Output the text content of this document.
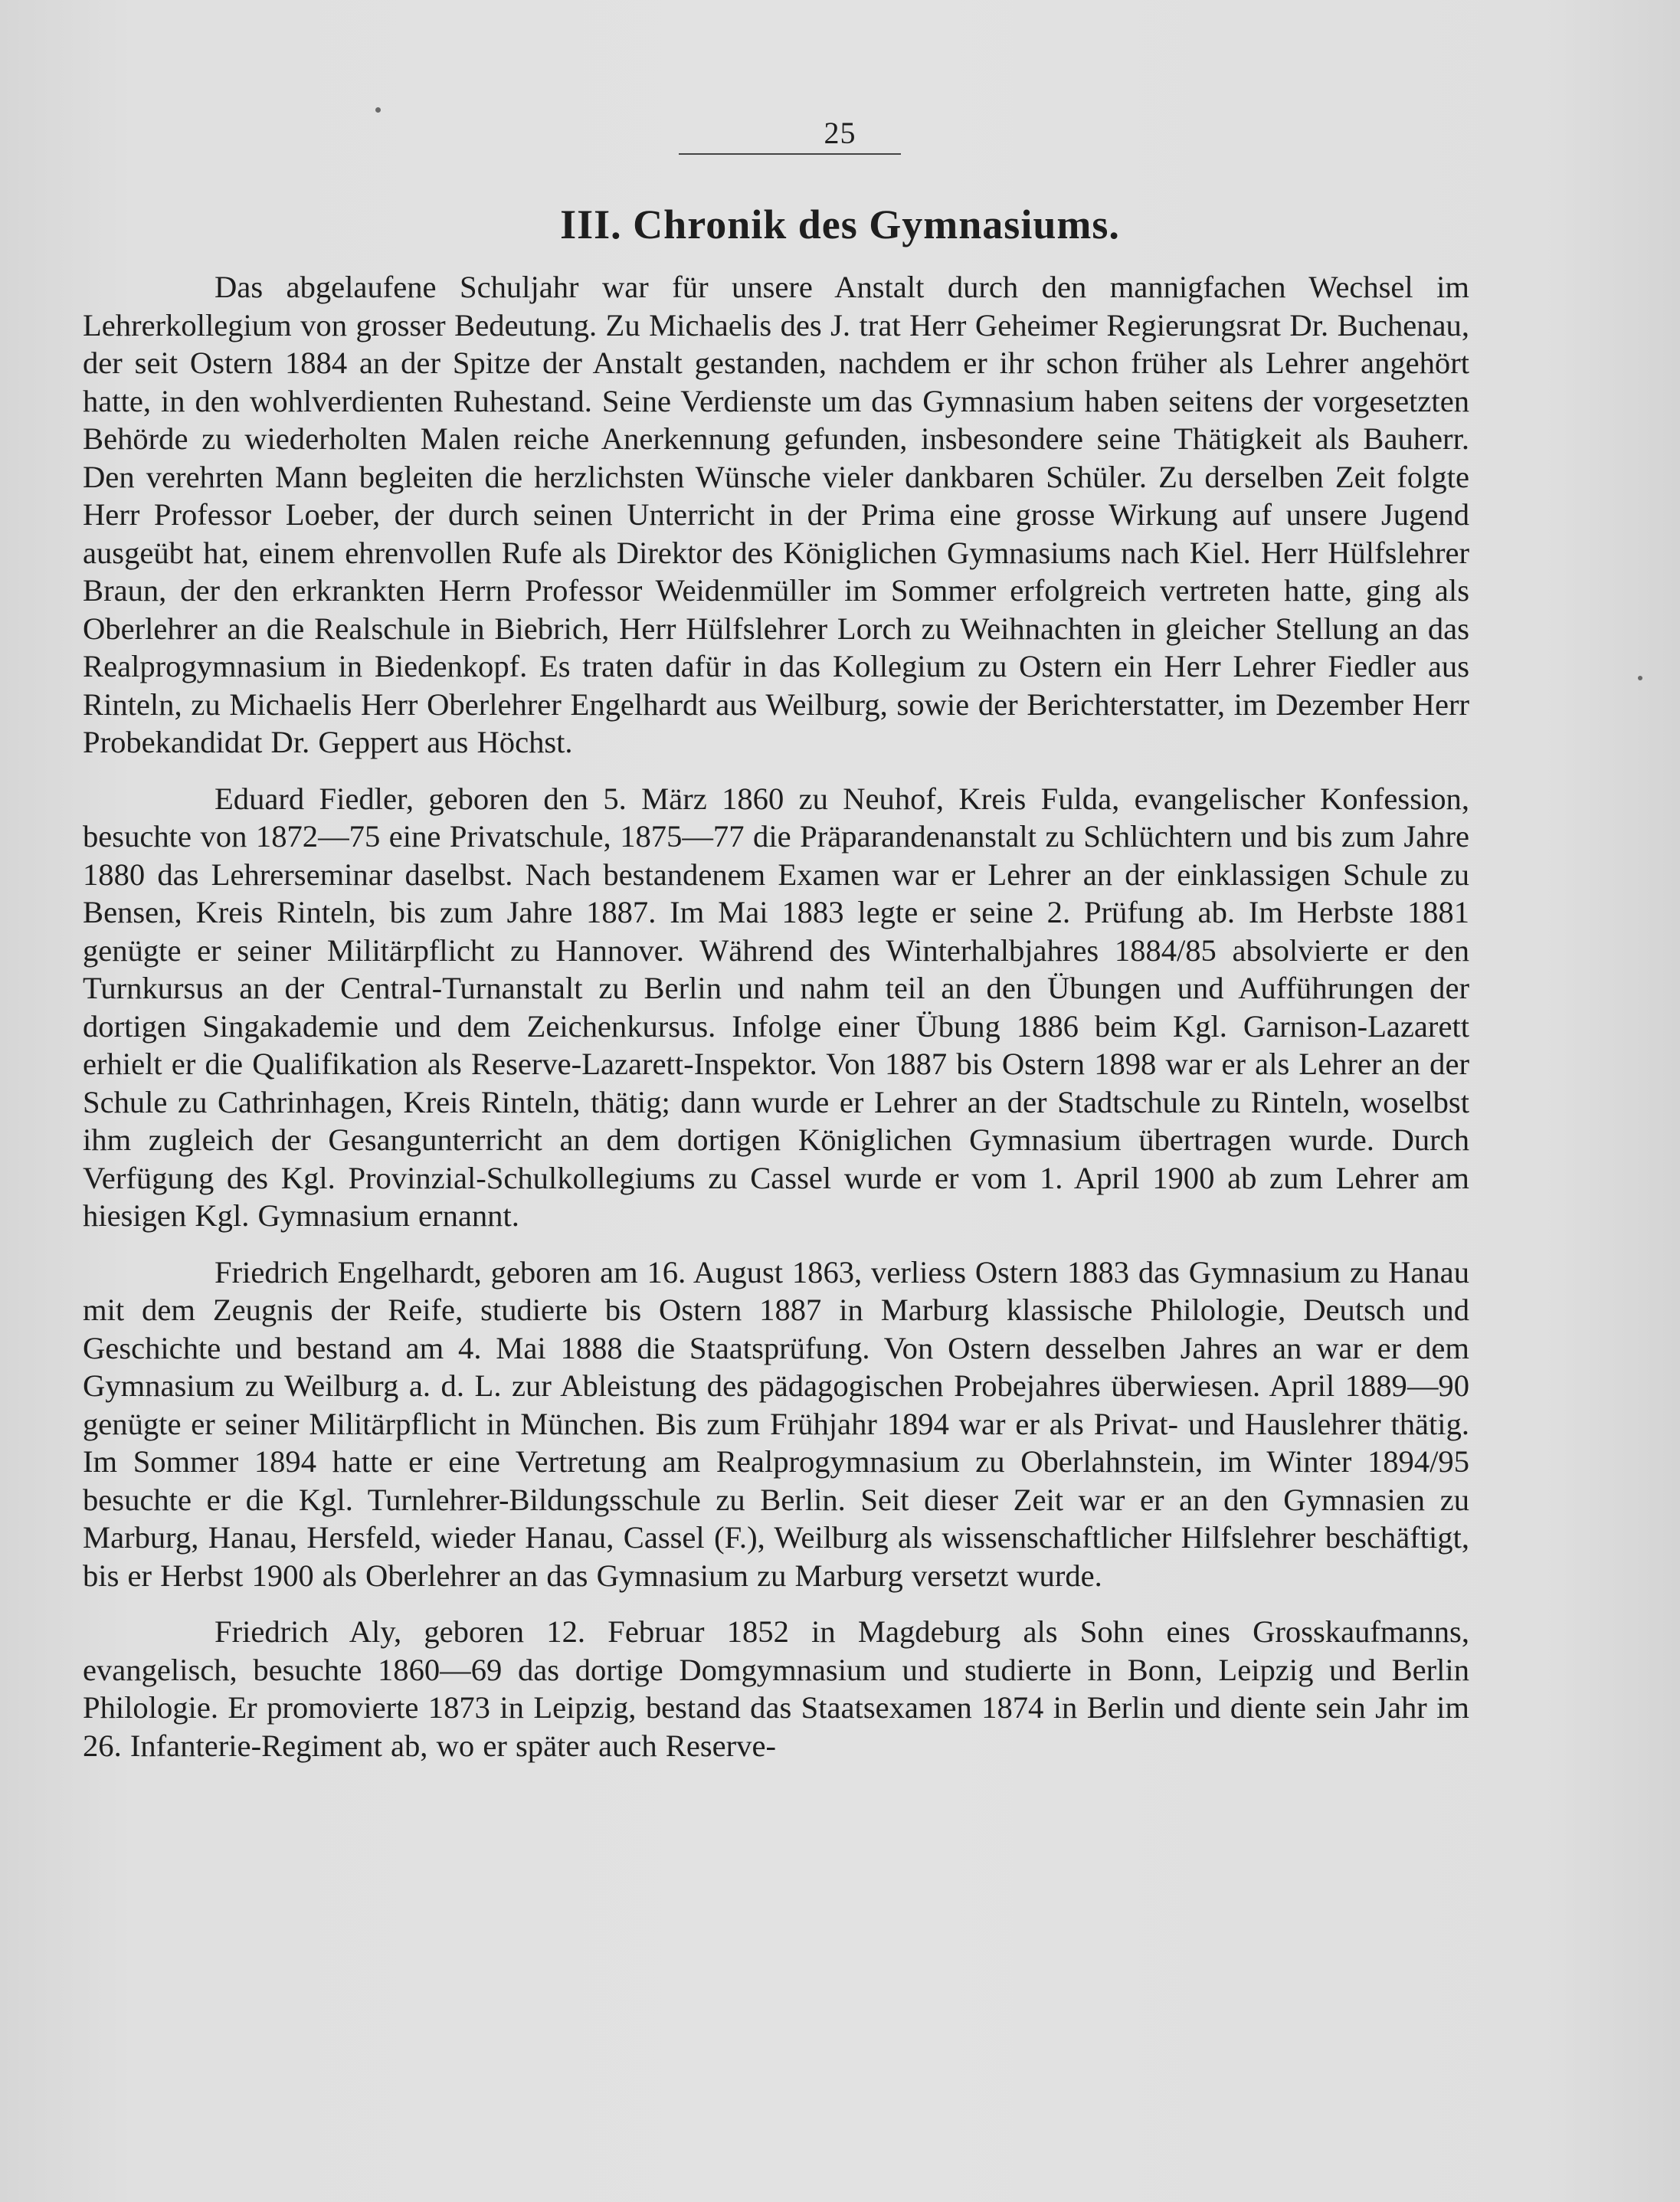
25
III. Chronik des Gymnasiums.

Das abgelaufene Schuljahr war für unsere Anstalt durch den mannigfachen Wechsel im Lehrerkollegium von grosser Bedeutung. Zu Michaelis des J. trat Herr Geheimer Regierungsrat Dr. Buchenau, der seit Ostern 1884 an der Spitze der Anstalt gestanden, nachdem er ihr schon früher als Lehrer angehört hatte, in den wohlverdienten Ruhestand. Seine Verdienste um das Gymnasium haben seitens der vorgesetzten Behörde zu wiederholten Malen reiche Anerkennung gefunden, insbesondere seine Thätigkeit als Bauherr. Den verehrten Mann begleiten die herzlichsten Wünsche vieler dankbaren Schüler. Zu derselben Zeit folgte Herr Professor Loeber, der durch seinen Unterricht in der Prima eine grosse Wirkung auf unsere Jugend ausgeübt hat, einem ehrenvollen Rufe als Direktor des Königlichen Gymnasiums nach Kiel. Herr Hülfslehrer Braun, der den erkrankten Herrn Professor Weidenmüller im Sommer erfolgreich vertreten hatte, ging als Oberlehrer an die Realschule in Biebrich, Herr Hülfslehrer Lorch zu Weihnachten in gleicher Stellung an das Realprogymnasium in Biedenkopf. Es traten dafür in das Kollegium zu Ostern ein Herr Lehrer Fiedler aus Rinteln, zu Michaelis Herr Oberlehrer Engelhardt aus Weilburg, sowie der Berichterstatter, im Dezember Herr Probekandidat Dr. Geppert aus Höchst.

Eduard Fiedler, geboren den 5. März 1860 zu Neuhof, Kreis Fulda, evangelischer Konfession, besuchte von 1872—75 eine Privatschule, 1875—77 die Präparandenanstalt zu Schlüchtern und bis zum Jahre 1880 das Lehrerseminar daselbst. Nach bestandenem Examen war er Lehrer an der einklassigen Schule zu Bensen, Kreis Rinteln, bis zum Jahre 1887. Im Mai 1883 legte er seine 2. Prüfung ab. Im Herbste 1881 genügte er seiner Militärpflicht zu Hannover. Während des Winterhalbjahres 1884/85 absolvierte er den Turnkursus an der Central-Turnanstalt zu Berlin und nahm teil an den Übungen und Aufführungen der dortigen Singakademie und dem Zeichenkursus. Infolge einer Übung 1886 beim Kgl. Garnison-Lazarett erhielt er die Qualifikation als Reserve-Lazarett-Inspektor. Von 1887 bis Ostern 1898 war er als Lehrer an der Schule zu Cathrinhagen, Kreis Rinteln, thätig; dann wurde er Lehrer an der Stadtschule zu Rinteln, woselbst ihm zugleich der Gesangunterricht an dem dortigen Königlichen Gymnasium übertragen wurde. Durch Verfügung des Kgl. Provinzial-Schulkollegiums zu Cassel wurde er vom 1. April 1900 ab zum Lehrer am hiesigen Kgl. Gymnasium ernannt.

Friedrich Engelhardt, geboren am 16. August 1863, verliess Ostern 1883 das Gymnasium zu Hanau mit dem Zeugnis der Reife, studierte bis Ostern 1887 in Marburg klassische Philologie, Deutsch und Geschichte und bestand am 4. Mai 1888 die Staatsprüfung. Von Ostern desselben Jahres an war er dem Gymnasium zu Weilburg a. d. L. zur Ableistung des pädagogischen Probejahres überwiesen. April 1889—90 genügte er seiner Militärpflicht in München. Bis zum Frühjahr 1894 war er als Privat- und Hauslehrer thätig. Im Sommer 1894 hatte er eine Vertretung am Realprogymnasium zu Oberlahnstein, im Winter 1894/95 besuchte er die Kgl. Turnlehrer-Bildungsschule zu Berlin. Seit dieser Zeit war er an den Gymnasien zu Marburg, Hanau, Hersfeld, wieder Hanau, Cassel (F.), Weilburg als wissenschaftlicher Hilfslehrer beschäftigt, bis er Herbst 1900 als Oberlehrer an das Gymnasium zu Marburg versetzt wurde.

Friedrich Aly, geboren 12. Februar 1852 in Magdeburg als Sohn eines Grosskaufmanns, evangelisch, besuchte 1860—69 das dortige Domgymnasium und studierte in Bonn, Leipzig und Berlin Philologie. Er promovierte 1873 in Leipzig, bestand das Staatsexamen 1874 in Berlin und diente sein Jahr im 26. Infanterie-Regiment ab, wo er später auch Reserve-
